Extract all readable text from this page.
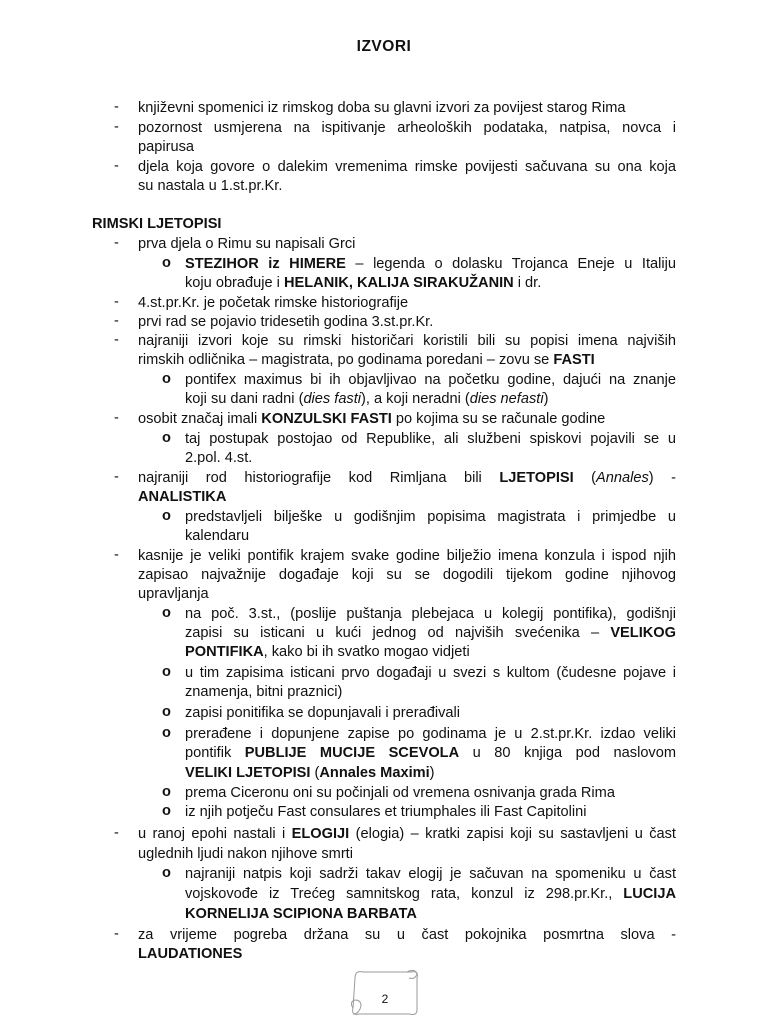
IZVORI
- književni spomenici iz rimskog doba su glavni izvori za povijest starog Rima
- pozornost usmjerena na ispitivanje arheoloških podataka, natpisa, novca i
papirusa
- djela koja govore o dalekim vremenima rimske povijesti sačuvana su ona koja
su nastala u 1.st.pr.Kr.
RIMSKI LJETOPISI
- prva djela o Rimu su napisali Grci
o STEZIHOR iz HIMERE – legenda o dolasku Trojanca Eneje u Italiju
koju obrađuje i HELANIK, KALIJA SIRAKUŽANIN i dr.
- 4.st.pr.Kr. je početak rimske historiografije
- prvi rad se pojavio tridesetih godina 3.st.pr.Kr.
- najraniji izvori koje su rimski historičari koristili bili su popisi imena najviših
rimskih odličnika – magistrata, po godinama poredani – zovu se FASTI
o pontifex maximus bi ih objavljivao na početku godine, dajući na znanje
koji su dani radni (dies fasti), a koji neradni (dies nefasti)
- osobit značaj imali KONZULSKI FASTI po kojima su se računale godine
o taj postupak postojao od Republike, ali službeni spiskovi pojavili se u
2.pol. 4.st.
- najraniji rod historiografije kod Rimljana bili LJETOPISI (Annales) -
ANALISTIKA
o predstavljeli bilješke u godišnjim popisima magistrata i primjedbe u
kalendaru
- kasnije je veliki pontifik krajem svake godine bilježio imena konzula i ispod njih
zapisao najvažnije događaje koji su se dogodili tijekom godine njihovog
upravljanja
o na poč. 3.st., (poslije puštanja plebejaca u kolegij pontifika), godišnji
zapisi su isticani u kući jednog od najviših svećenika – VELIKOG
PONTIFIKA, kako bi ih svatko mogao vidjeti
o u tim zapisima isticani prvo događaji u svezi s kultom (čudesne pojave i
znamenja, bitni praznici)
o zapisi ponitifika se dopunjavali i prerađivali
o prerađene i dopunjene zapise po godinama je u 2.st.pr.Kr. izdao veliki
pontifik PUBLIJE MUCIJE SCEVOLA u 80 knjiga pod naslovom
VELIKI LJETOPISI (Annales Maximi)
o prema Ciceronu oni su počinjali od vremena osnivanja grada Rima
o iz njih potječu Fast consulares et triumphales ili Fast Capitolini
- u ranoj epohi nastali i ELOGIJI (elogia) – kratki zapisi koji su sastavljeni u čast
uglednih ljudi nakon njihove smrti
o najraniji natpis koji sadrži takav elogij je sačuvan na spomeniku u čast
vojskovođe iz Trećeg samnitskog rata, konzul iz 298.pr.Kr., LUCIJA
KORNELIJA SCIPIONA BARBATA
- za vrijeme pogreba držana su u čast pokojnika posmrtna slova -
LAUDATIONES
2
